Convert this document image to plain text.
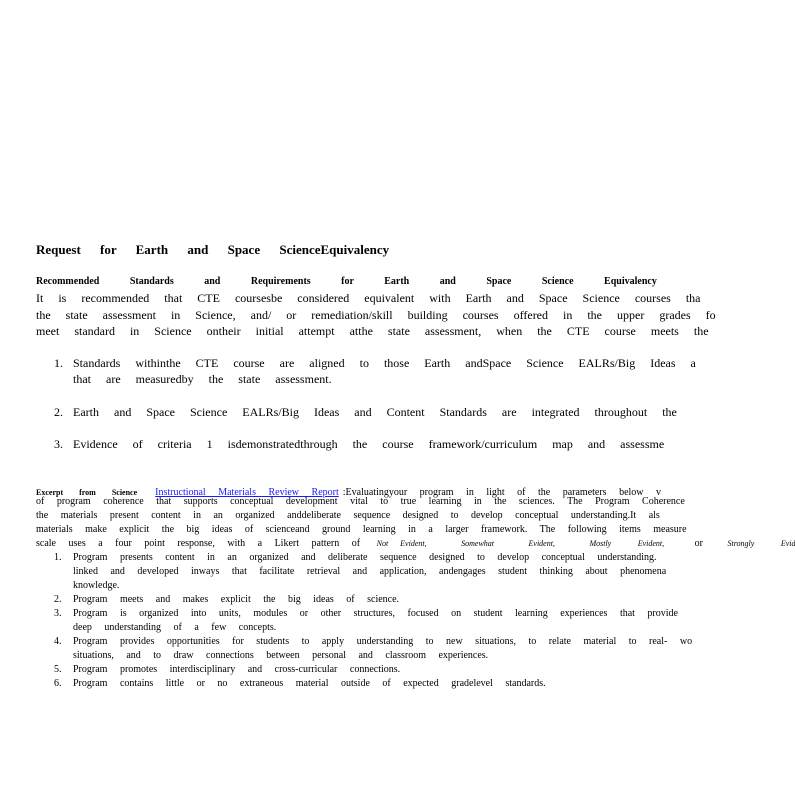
Request for Earth and Space ScienceEquivalency
Recommended Standards and Requirements for Earth and Space Science Equivalency
It is recommended that CTE coursesbe considered equivalent with Earth and Space Science courses tha
the state assessment in Science, and/ or remediation/skill building courses offered in the upper grades fo
meet standard in Science ontheir initial attempt atthe state assessment, when the CTE course meets the
1. Standards withinthe CTE course are aligned to those Earth andSpace Science EALRs/Big Ideas a
that are measuredby the state assessment.
2. Earth and Space Science EALRs/Big Ideas and Content Standards are integrated throughout the
3. Evidence of criteria 1 isdemonstratedthrough the course framework/curriculum map and assessme
Excerpt from Science Instructional Materials Review Report :Evaluatingyour program in light of the parameters below v
of program coherence that supports conceptual development vital to true learning in the sciences. The Program Coherence
the materials present content in an organized anddeliberate sequence designed to develop conceptual understanding.It als
materials make explicit the big ideas of scienceand ground learning in a larger framework. The following items measure
scale uses a four point response, with a Likert pattern of Not Evident,	Somewhat	Evident,	Mostly	Evident,	or	Strongly	Evid
1. Program presents content in an organized and deliberate sequence designed to develop conceptual understanding.
linked and developed inways that facilitate retrieval and application, andengages student thinking about phenomena
knowledge.
2. Program meets and makes explicit the big ideas of science.
3. Program is organized into units, modules or other structures, focused on student learning experiences that provide
deep understanding of a few concepts.
4. Program provides opportunities for students to apply understanding to new situations, to relate material to real- wo
situations, and to draw connections between personal and classroom experiences.
5. Program promotes interdisciplinary and cross-curricular connections.
6. Program contains little or no extraneous material outside of expected gradelevel standards.
